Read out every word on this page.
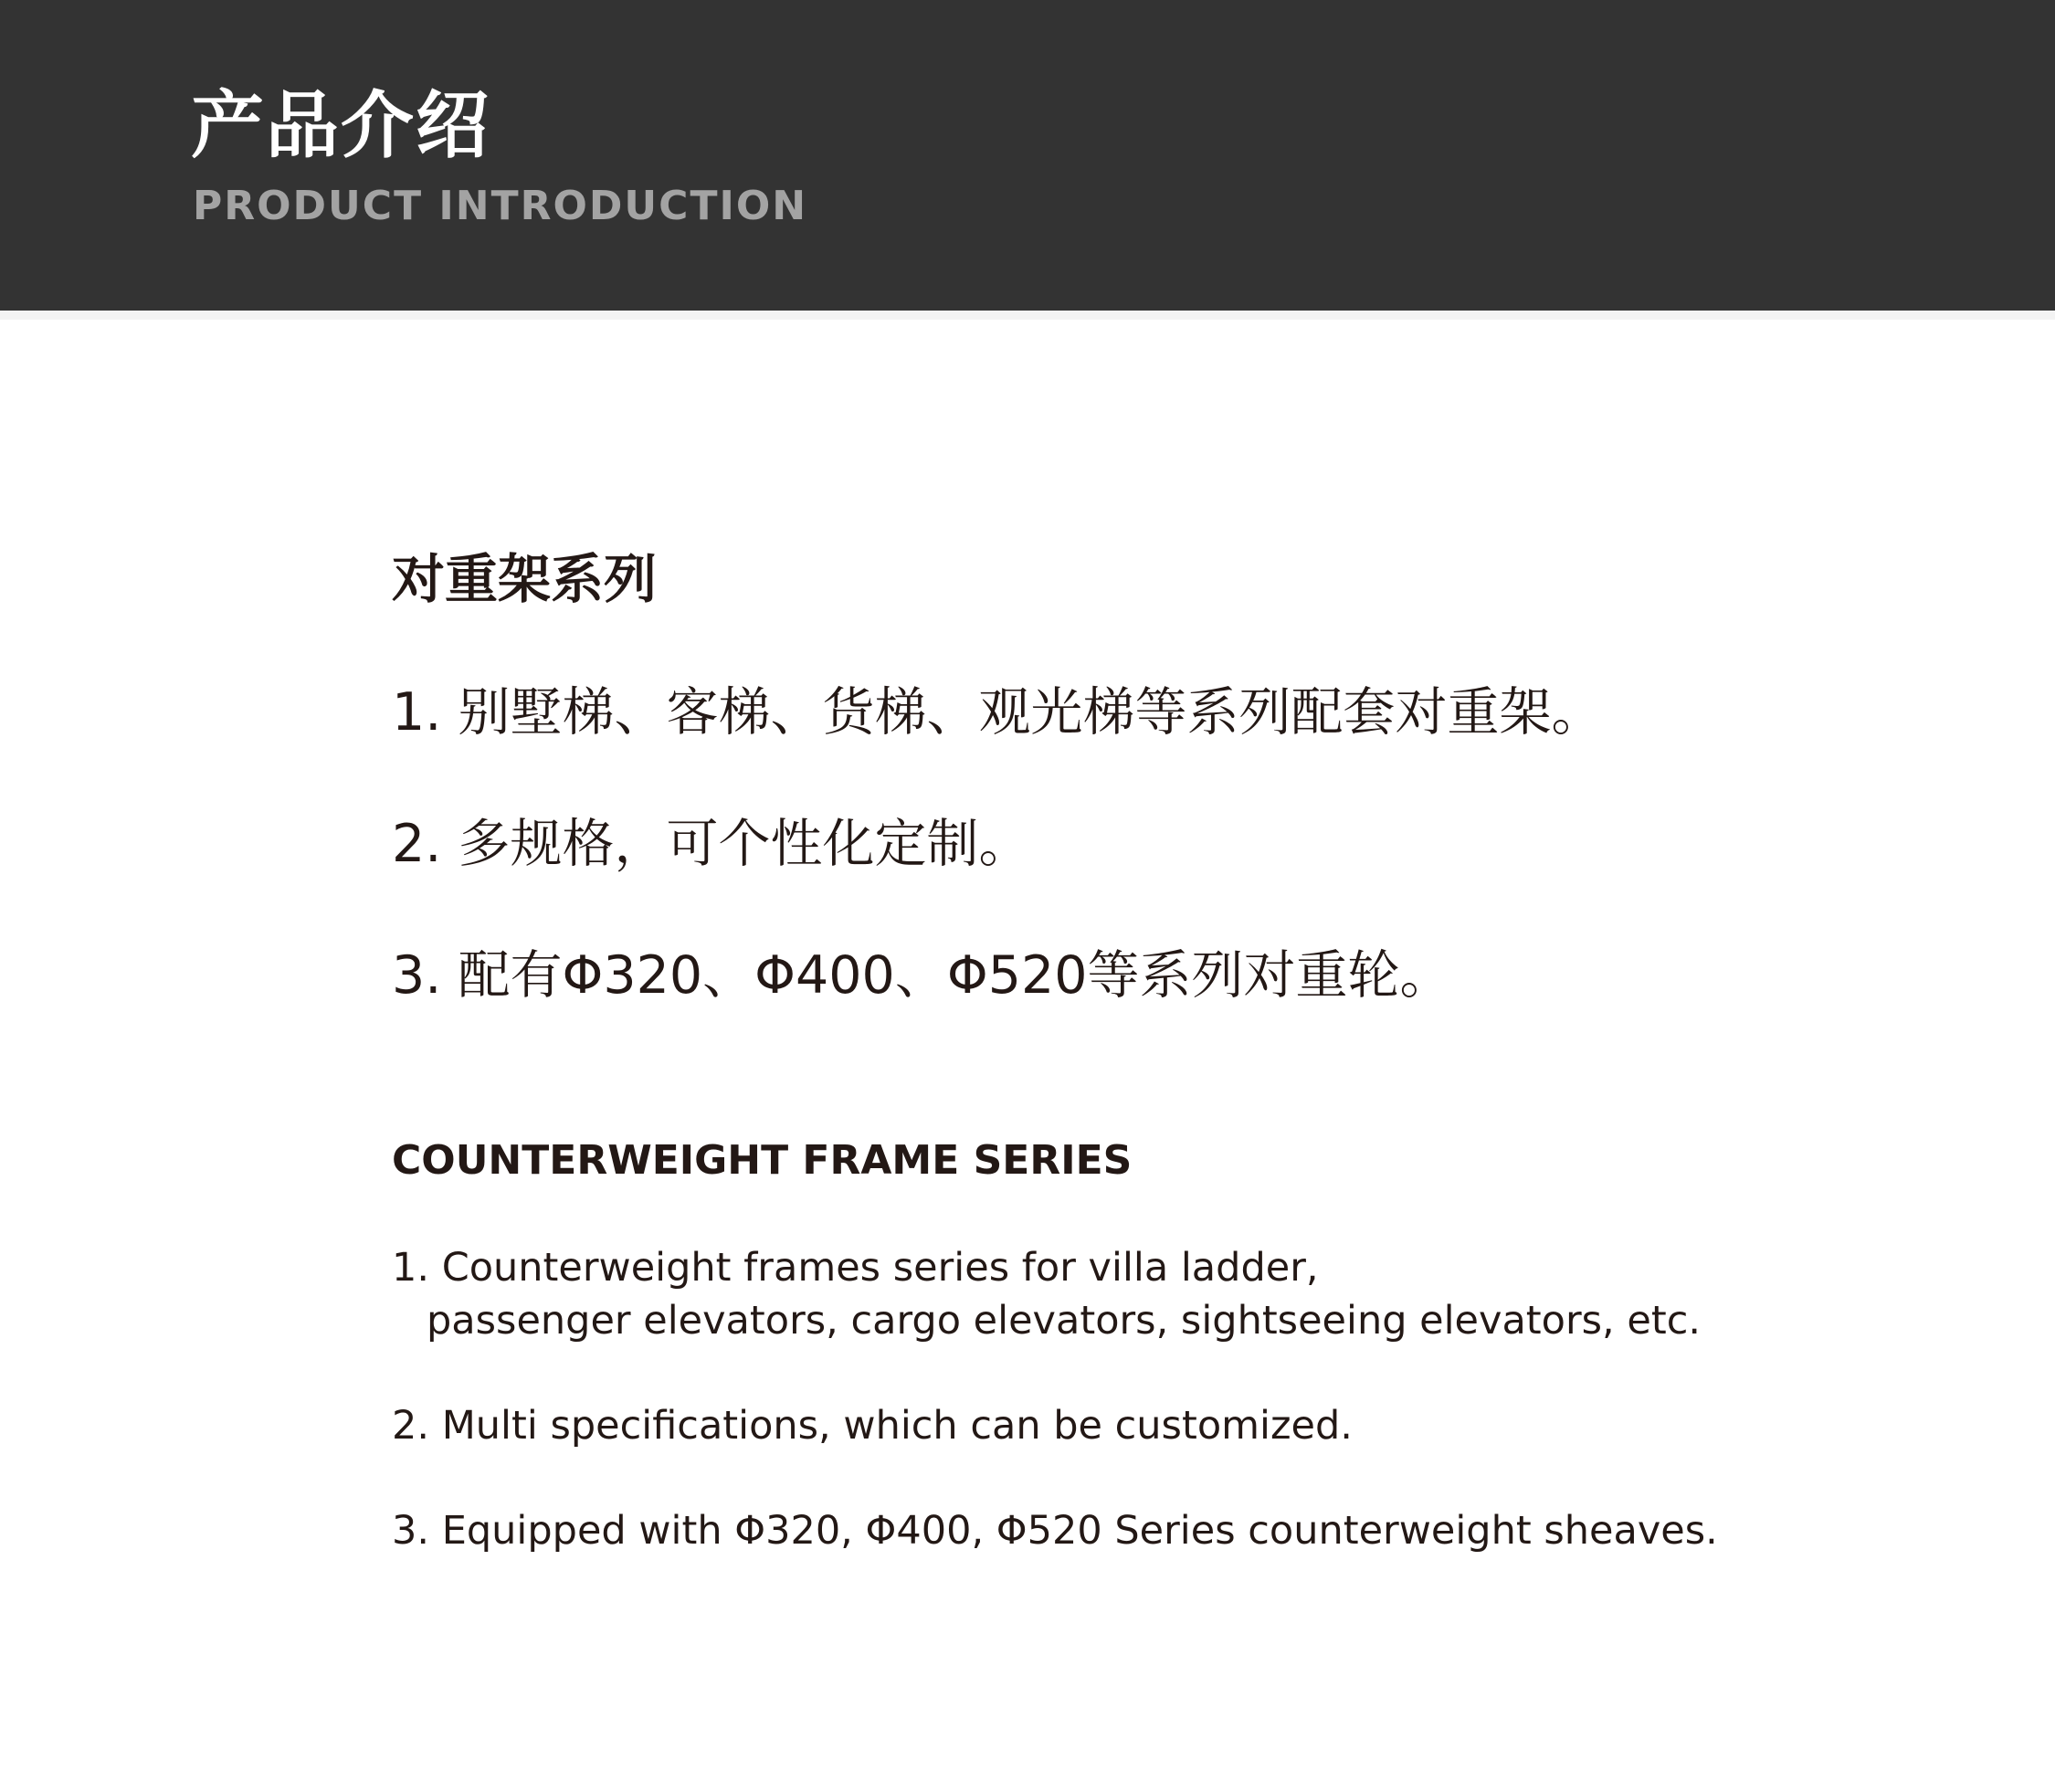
产品介绍
PRODUCT INTRODUCTION
对重架系列

1. 别墅梯、客梯、货梯、观光梯等系列配套对重架。

2. 多规格，可个性化定制。

3. 配有Φ320、Φ400、Φ520等系列对重轮。

COUNTERWEIGHT FRAME SERIES

1. Counterweight frames series for villa ladder,

passenger elevators, cargo elevators, sightseeing elevators, etc.

2. Multi specifications, which can be customized.

3. Equipped with Φ320, Φ400, Φ520 Series counterweight sheaves.
